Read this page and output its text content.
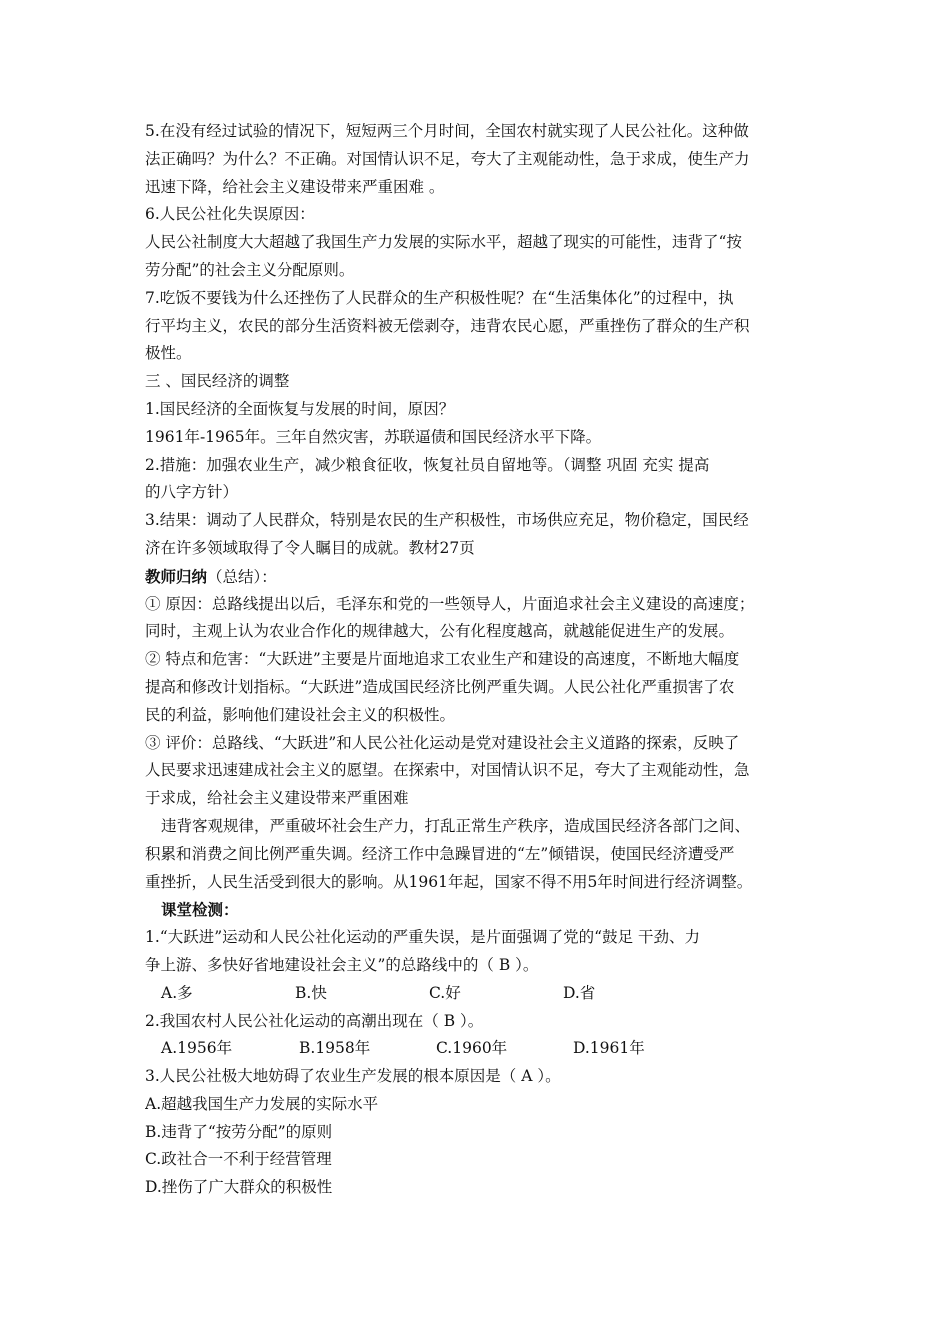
5.在没有经过试验的情况下，短短两三个月时间，全国农村就实现了人民公社化。这种做
法正确吗？为什么？不正确。对国情认识不足，夸大了主观能动性，急于求成，使生产力
迅速下降，给社会主义建设带来严重困难 。
6.人民公社化失误原因：
人民公社制度大大超越了我国生产力发展的实际水平，超越了现实的可能性，违背了“按
劳分配”的社会主义分配原则。
7.吃饭不要钱为什么还挫伤了人民群众的生产积极性呢？在“生活集体化”的过程中，执
行平均主义，农民的部分生活资料被无偿剥夺，违背农民心愿，严重挫伤了群众的生产积
极性。
三 、国民经济的调整
1.国民经济的全面恢复与发展的时间，原因？
1961年-1965年。三年自然灾害，苏联逼债和国民经济水平下降。
2.措施：加强农业生产，减少粮食征收，恢复社员自留地等。（调整 巩固 充实 提高
的八字方针）
3.结果：调动了人民群众，特别是农民的生产积极性，市场供应充足，物价稳定，国民经
济在许多领域取得了令人瞩目的成就。教材27页
教师归纳（总结）：
① 原因：总路线提出以后，毛泽东和党的一些领导人，片面追求社会主义建设的高速度；
同时，主观上认为农业合作化的规律越大，公有化程度越高，就越能促进生产的发展。
② 特点和危害：“大跃进”主要是片面地追求工农业生产和建设的高速度，不断地大幅度
提高和修改计划指标。“大跃进”造成国民经济比例严重失调。人民公社化严重损害了农
民的利益，影响他们建设社会主义的积极性。
③ 评价：总路线、“大跃进”和人民公社化运动是党对建设社会主义道路的探索，反映了
人民要求迅速建成社会主义的愿望。在探索中，对国情认识不足，夸大了主观能动性，急
于求成，给社会主义建设带来严重困难
违背客观规律，严重破坏社会生产力，打乱正常生产秩序，造成国民经济各部门之间、
积累和消费之间比例严重失调。经济工作中急躁冒进的“左”倾错误，使国民经济遭受严
重挫折，人民生活受到很大的影响。从1961年起，国家不得不用5年时间进行经济调整。
课堂检测：
1.“大跃进”运动和人民公社化运动的严重失误，是片面强调了党的“鼓足 干劲、力
争上游、多快好省地建设社会主义”的总路线中的（ B ）。
A.多	B.快	C.好	D.省
2.我国农村人民公社化运动的高潮出现在（ B ）。
A.1956年	B.1958年	C.1960年	D.1961年
3.人民公社极大地妨碍了农业生产发展的根本原因是（ A ）。
A.超越我国生产力发展的实际水平
B.违背了“按劳分配”的原则
C.政社合一不利于经营管理
D.挫伤了广大群众的积极性
